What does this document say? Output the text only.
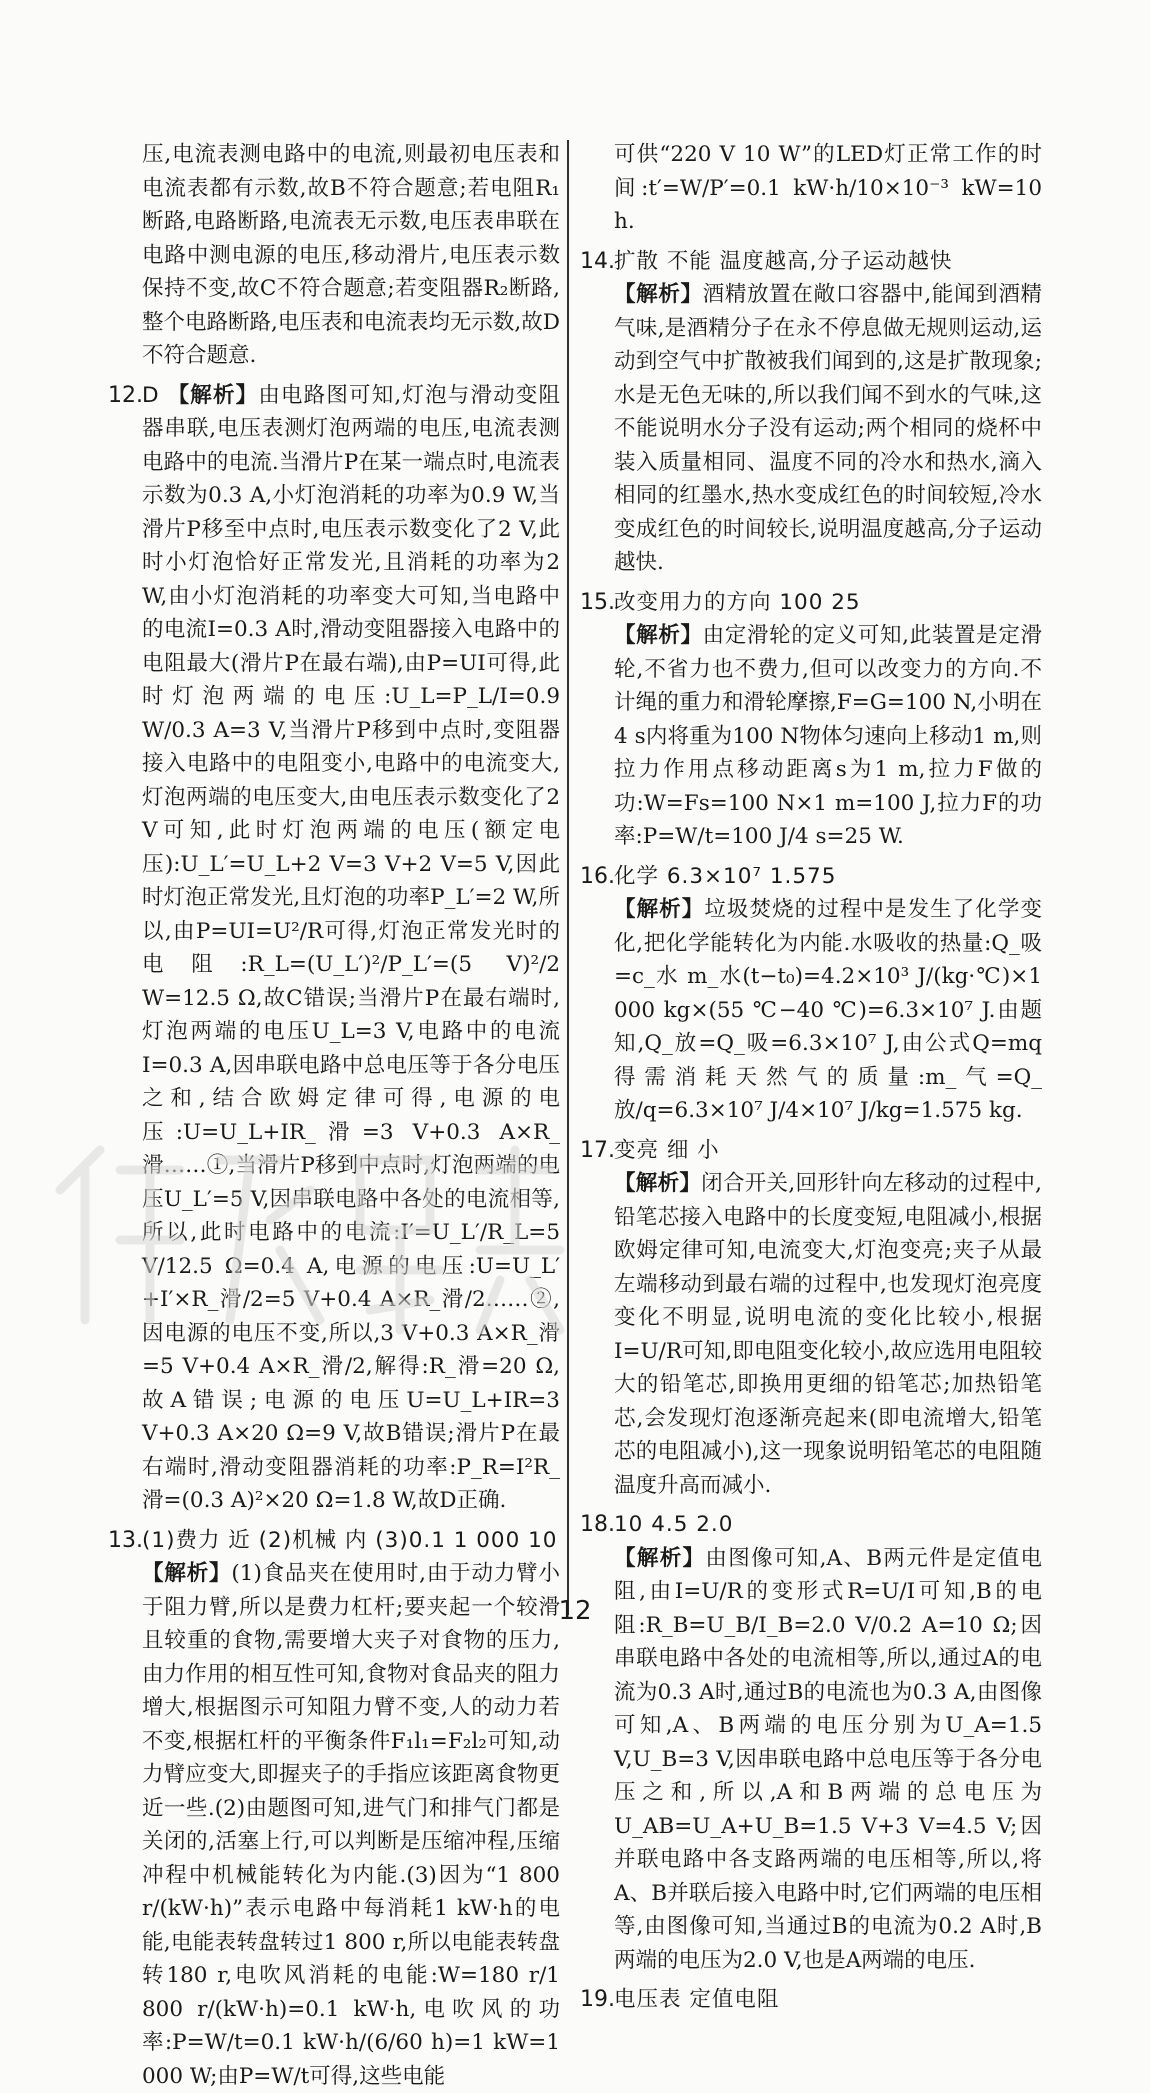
压,电流表测电路中的电流,则最初电压表和电流表都有示数,故B不符合题意;若电阻R₁断路,电路断路,电流表无示数,电压表串联在电路中测电源的电压,移动滑片,电压表示数保持不变,故C不符合题意;若变阻器R₂断路,整个电路断路,电压表和电流表均无示数,故D不符合题意.

12. D 【解析】由电路图可知,灯泡与滑动变阻器串联,电压表测灯泡两端的电压,电流表测电路中的电流.当滑片P在某一端点时,电流表示数为0.3 A,小灯泡消耗的功率为0.9 W,当滑片P移至中点时,电压表示数变化了2 V,此时小灯泡恰好正常发光,且消耗的功率为2 W,由小灯泡消耗的功率变大可知,当电路中的电流I=0.3 A时,滑动变阻器接入电路中的电阻最大(滑片P在最右端),由P=UI可得,此时灯泡两端的电压:U_L=P_L/I=0.9 W/0.3 A=3 V,当滑片P移到中点时,变阻器接入电路中的电阻变小,电路中的电流变大,灯泡两端的电压变大,由电压表示数变化了2 V可知,此时灯泡两端的电压(额定电压):U_L′=U_L+2 V=3 V+2 V=5 V,因此时灯泡正常发光,且灯泡的功率P_L′=2 W,所以,由P=UI=U²/R可得,灯泡正常发光时的电阻:R_L=(U_L′)²/P_L′=(5 V)²/2 W=12.5 Ω,故C错误;当滑片P在最右端时,灯泡两端的电压U_L=3 V,电路中的电流I=0.3 A,因串联电路中总电压等于各分电压之和,结合欧姆定律可得,电源的电压:U=U_L+IR_滑=3 V+0.3 A×R_滑……①,当滑片P移到中点时,灯泡两端的电压U_L′=5 V,因串联电路中各处的电流相等,所以,此时电路中的电流:I′=U_L′/R_L=5 V/12.5 Ω=0.4 A,电源的电压:U=U_L′+I′×R_滑/2=5 V+0.4 A×R_滑/2……②,因电源的电压不变,所以,3 V+0.3 A×R_滑=5 V+0.4 A×R_滑/2,解得:R_滑=20 Ω,故A错误;电源的电压U=U_L+IR=3 V+0.3 A×20 Ω=9 V,故B错误;滑片P在最右端时,滑动变阻器消耗的功率:P_R=I²R_滑=(0.3 A)²×20 Ω=1.8 W,故D正确.
13. (1)费力 近 (2)机械 内 (3)0.1 1 000 10
【解析】(1)食品夹在使用时,由于动力臂小于阻力臂,所以是费力杠杆;要夹起一个较滑且较重的食物,需要增大夹子对食物的压力,由力作用的相互性可知,食物对食品夹的阻力增大,根据图示可知阻力臂不变,人的动力若不变,根据杠杆的平衡条件F₁l₁=F₂l₂可知,动力臂应变大,即握夹子的手指应该距离食物更近一些.(2)由题图可知,进气门和排气门都是关闭的,活塞上行,可以判断是压缩冲程,压缩冲程中机械能转化为内能.(3)因为“1 800 r/(kW·h)”表示电路中每消耗1 kW·h的电能,电能表转盘转过1 800 r,所以电能表转盘转180 r,电吹风消耗的电能:W=180 r/1 800 r/(kW·h)=0.1 kW·h,电吹风的功率:P=W/t=0.1 kW·h/(6/60 h)=1 kW=1 000 W;由P=W/t可得,这些电能

可供“220 V 10 W”的LED灯正常工作的时间:t′=W/P′=0.1 kW·h/10×10⁻³ kW=10 h.

14. 扩散 不能 温度越高,分子运动越快
【解析】酒精放置在敞口容器中,能闻到酒精气味,是酒精分子在永不停息做无规则运动,运动到空气中扩散被我们闻到的,这是扩散现象;水是无色无味的,所以我们闻不到水的气味,这不能说明水分子没有运动;两个相同的烧杯中装入质量相同、温度不同的冷水和热水,滴入相同的红墨水,热水变成红色的时间较短,冷水变成红色的时间较长,说明温度越高,分子运动越快.
15. 改变用力的方向 100 25
【解析】由定滑轮的定义可知,此装置是定滑轮,不省力也不费力,但可以改变力的方向.不计绳的重力和滑轮摩擦,F=G=100 N,小明在4 s内将重为100 N物体匀速向上移动1 m,则拉力作用点移动距离s为1 m,拉力F做的功:W=Fs=100 N×1 m=100 J,拉力F的功率:P=W/t=100 J/4 s=25 W.
16. 化学 6.3×10⁷ 1.575
【解析】垃圾焚烧的过程中是发生了化学变化,把化学能转化为内能.水吸收的热量:Q_吸=c_水 m_水(t−t₀)=4.2×10³ J/(kg·℃)×1 000 kg×(55 ℃−40 ℃)=6.3×10⁷ J.由题知,Q_放=Q_吸=6.3×10⁷ J,由公式Q=mq得需消耗天然气的质量:m_气=Q_放/q=6.3×10⁷ J/4×10⁷ J/kg=1.575 kg.
17. 变亮 细 小
【解析】闭合开关,回形针向左移动的过程中,铅笔芯接入电路中的长度变短,电阻减小,根据欧姆定律可知,电流变大,灯泡变亮;夹子从最左端移动到最右端的过程中,也发现灯泡亮度变化不明显,说明电流的变化比较小,根据I=U/R可知,即电阻变化较小,故应选用电阻较大的铅笔芯,即换用更细的铅笔芯;加热铅笔芯,会发现灯泡逐渐亮起来(即电流增大,铅笔芯的电阻减小),这一现象说明铅笔芯的电阻随温度升高而减小.
18. 10 4.5 2.0
【解析】由图像可知,A、B两元件是定值电阻,由I=U/R的变形式R=U/I可知,B的电阻:R_B=U_B/I_B=2.0 V/0.2 A=10 Ω;因串联电路中各处的电流相等,所以,通过A的电流为0.3 A时,通过B的电流也为0.3 A,由图像可知,A、B两端的电压分别为U_A=1.5 V,U_B=3 V,因串联电路中总电压等于各分电压之和,所以,A和B两端的总电压为U_AB=U_A+U_B=1.5 V+3 V=4.5 V;因并联电路中各支路两端的电压相等,所以,将A、B并联后接入电路中时,它们两端的电压相等,由图像可知,当通过B的电流为0.2 A时,B两端的电压为2.0 V,也是A两端的电压.
19. 电压表 定值电阻
12
